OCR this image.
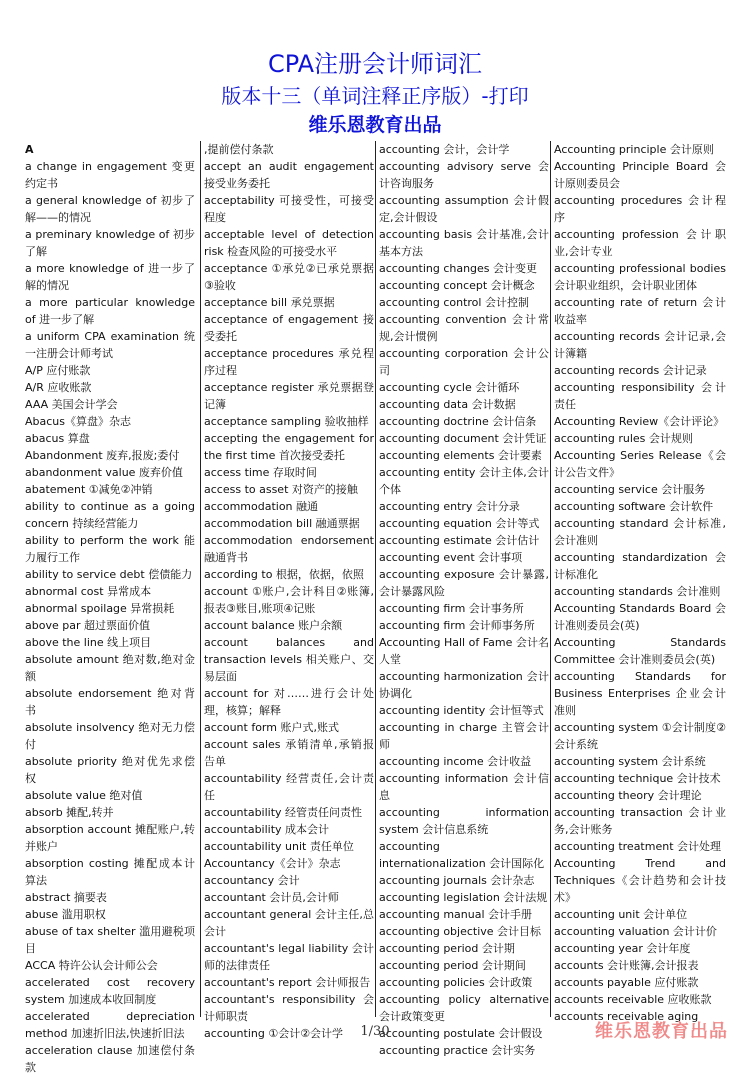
CPA注册会计师词汇
版本十三（单词注释正序版）-打印
维乐恩教育出品
A
a change in engagement 变更约定书
a general knowledge of 初步了解——的情况
a preminary knowledge of 初步了解
a more knowledge of 进一步了解的情况
a more particular knowledge of 进一步了解
a uniform CPA examination 统一注册会计师考试
A/P 应付账款
A/R 应收账款
AAA 美国会计学会
Abacus《算盘》杂志
abacus 算盘
Abandonment 废弃,报废;委付
abandonment value 废弃价值
abatement ①减免②冲销
ability to continue as a going concern 持续经营能力
ability to perform the work 能力履行工作
ability to service debt 偿债能力
abnormal cost 异常成本
abnormal spoilage 异常损耗
above par 超过票面价值
above the line 线上项目
absolute amount 绝对数,绝对金额
absolute endorsement 绝对背书
absolute insolvency 绝对无力偿付
absolute priority 绝对优先求偿权
absolute value 绝对值
absorb 摊配,转并
absorption account 摊配账户,转并账户
absorption costing 摊配成本计算法
abstract 摘要表
abuse 滥用职权
abuse of tax shelter 滥用避税项目
ACCA 特许公认会计师公会
accelerated cost recovery system 加速成本收回制度
accelerated depreciation method 加速折旧法,快速折旧法
acceleration clause 加速偿付条款
,提前偿付条款
accept an audit engagement 接受业务委托
acceptability 可接受性，可接受程度
acceptable level of detection risk 检查风险的可接受水平
acceptance ①承兑②已承兑票据③验收
acceptance bill 承兑票据
acceptance of engagement 接受委托
acceptance procedures 承兑程序过程
acceptance register 承兑票据登记簿
acceptance sampling 验收抽样
accepting the engagement for the first time 首次接受委托
access time 存取时间
access to asset 对资产的接触
accommodation 融通
accommodation bill 融通票据
accommodation endorsement 融通背书
according to 根据，依据，依照
account ①账户,会计科目②账簿,报表③账目,账项④记账
account balance 账户余额
account balances and transaction levels 相关账户、交易层面
account for 对……进行会计处理，核算；解释
account form 账户式,账式
account sales 承销清单,承销报告单
accountability 经营责任,会计责任
accountability 经管责任问责性
accountability 成本会计
accountability unit 责任单位
Accountancy《会计》杂志
accountancy 会计
accountant 会计员,会计师
accountant general 会计主任,总会计
accountant's legal liability 会计师的法律责任
accountant's report 会计师报告
accountant's responsibility 会计师职责
accounting ①会计②会计学
accounting 会计，会计学
accounting advisory serve 会计咨询服务
accounting assumption 会计假定,会计假设
accounting basis 会计基准,会计基本方法
accounting changes 会计变更
accounting concept 会计概念
accounting control 会计控制
accounting convention 会计常规,会计惯例
accounting corporation 会计公司
accounting cycle 会计循环
accounting data 会计数据
accounting doctrine 会计信条
accounting document 会计凭证
accounting elements 会计要素
accounting entity 会计主体,会计个体
accounting entry 会计分录
accounting equation 会计等式
accounting estimate 会计估计
accounting event 会计事项
accounting exposure 会计暴露,会计暴露风险
accounting firm 会计事务所
accounting firm 会计师事务所
Accounting Hall of Fame 会计名人堂
accounting harmonization 会计协调化
accounting identity 会计恒等式
accounting in charge 主管会计师
accounting income 会计收益
accounting information 会计信息
accounting information system 会计信息系统
accounting internationalization 会计国际化
accounting journals 会计杂志
accounting legislation 会计法规
accounting manual 会计手册
accounting objective 会计目标
accounting period 会计期
accounting period 会计期间
accounting policies 会计政策
accounting policy alternative 会计政策变更
accounting postulate 会计假设
accounting practice 会计实务
Accounting principle 会计原则
Accounting Principle Board 会计原则委员会
accounting procedures 会计程序
accounting profession 会计职业,会计专业
accounting professional bodies 会计职业组织，会计职业团体
accounting rate of return 会计收益率
accounting records 会计记录,会计簿籍
accounting records 会计记录
accounting responsibility 会计责任
Accounting Review《会计评论》
accounting rules 会计规则
Accounting Series Release《会计公告文件》
accounting service 会计服务
accounting software 会计软件
accounting standard 会计标准,会计准则
accounting standardization 会计标准化
accounting standards 会计准则
Accounting Standards Board 会计准则委员会(英)
Accounting Standards Committee 会计准则委员会(英)
accounting Standards for Business Enterprises 企业会计准则
accounting system ①会计制度②会计系统
accounting system 会计系统
accounting technique 会计技术
accounting theory 会计理论
accounting transaction 会计业务,会计账务
accounting treatment 会计处理
Accounting Trend and Techniques《会计趋势和会计技术》
accounting unit 会计单位
accounting valuation 会计计价
accounting year 会计年度
accounts 会计账簿,会计报表
accounts payable 应付账款
accounts receivable 应收账款
accounts receivable aging
1/30	维乐恩教育出品
